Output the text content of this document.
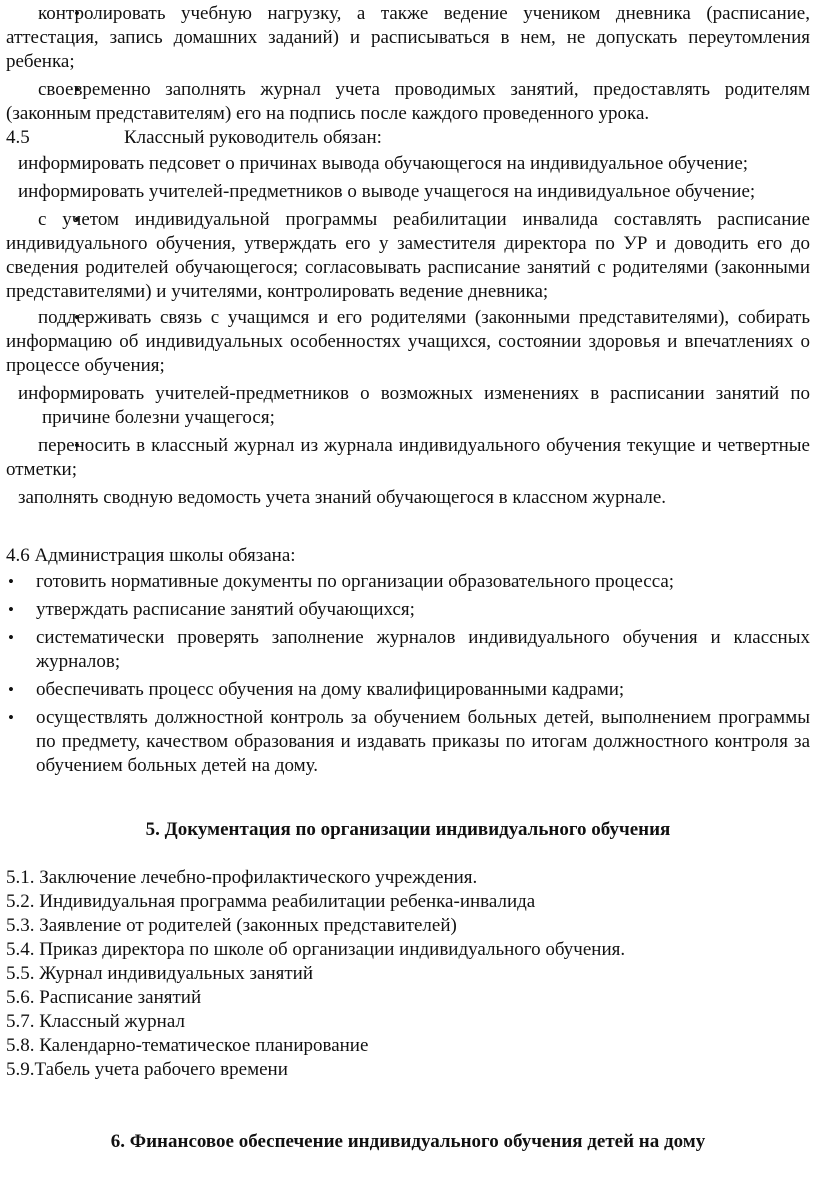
• контролировать учебную нагрузку, а также ведение учеником дневника (расписание, аттестация, запись домашних заданий) и расписываться в нем, не допускать переутомления ребенка;
• своевременно заполнять журнал учета проводимых занятий, предоставлять родителям (законным представителям) его на подпись после каждого проведенного урока.
4.5	Классный руководитель обязан:
• информировать педсовет о причинах вывода обучающегося на индивидуальное обучение;
• информировать учителей-предметников о выводе учащегося на индивидуальное обучение;
• с учетом индивидуальной программы реабилитации инвалида составлять расписание индивидуального обучения, утверждать его у заместителя директора по УР и доводить его до сведения родителей обучающегося; согласовывать расписание занятий с родителями (законными представителями) и учителями, контролировать ведение дневника;
• поддерживать связь с учащимся и его родителями (законными представителями), собирать информацию об индивидуальных особенностях учащихся, состоянии здоровья и впечатлениях о процессе обучения;
• информировать учителей-предметников о возможных изменениях в расписании занятий по причине болезни учащегося;
• переносить в классный журнал из журнала индивидуального обучения текущие и четвертные отметки;
• заполнять сводную ведомость учета знаний обучающегося в классном журнале.
4.6 Администрация школы обязана:
• готовить нормативные документы по организации образовательного процесса;
• утверждать расписание занятий обучающихся;
• систематически проверять заполнение журналов индивидуального обучения и классных журналов;
• обеспечивать процесс обучения на дому квалифицированными кадрами;
• осуществлять должностной контроль за обучением больных детей, выполнением программы по предмету, качеством образования и издавать приказы по итогам должностного контроля за обучением больных детей на дому.
5. Документация по организации индивидуального обучения
5.1. Заключение лечебно-профилактического учреждения.
5.2. Индивидуальная программа реабилитации ребенка-инвалида
5.3. Заявление от родителей (законных представителей)
5.4. Приказ директора по школе об организации индивидуального обучения.
5.5. Журнал индивидуальных занятий
5.6. Расписание занятий
5.7. Классный журнал
5.8. Календарно-тематическое планирование
5.9.Табель учета рабочего времени
6. Финансовое обеспечение индивидуального обучения детей на дому
